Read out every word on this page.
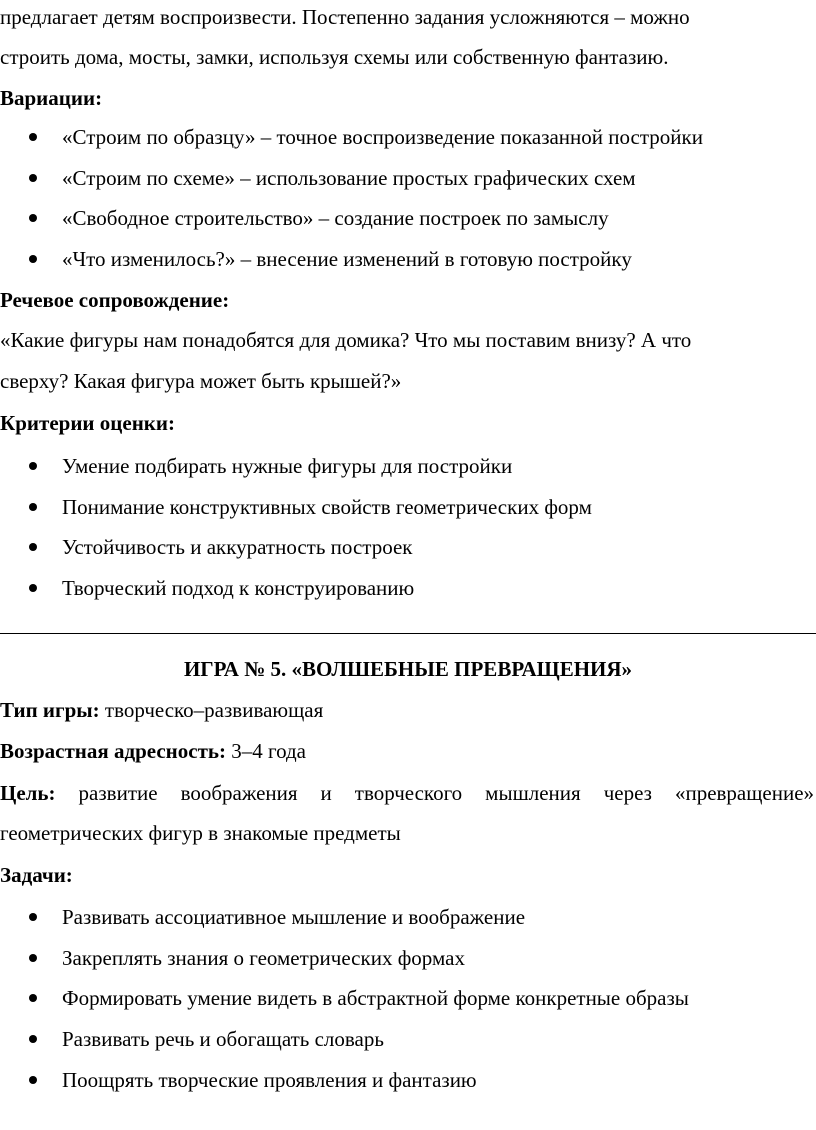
предлагает детям воспроизвести. Постепенно задания усложняются – можно
строить дома, мосты, замки, используя схемы или собственную фантазию.
Вариации:
«Строим по образцу» – точное воспроизведение показанной постройки
«Строим по схеме» – использование простых графических схем
«Свободное строительство» – создание построек по замыслу
«Что изменилось?» – внесение изменений в готовую постройку
Речевое сопровождение:
«Какие фигуры нам понадобятся для домика? Что мы поставим внизу? А что
сверху? Какая фигура может быть крышей?»
Критерии оценки:
Умение подбирать нужные фигуры для постройки
Понимание конструктивных свойств геометрических форм
Устойчивость и аккуратность построек
Творческий подход к конструированию
ИГРА № 5. «ВОЛШЕБНЫЕ ПРЕВРАЩЕНИЯ»
Тип игры: творческо–развивающая
Возрастная адресность: 3–4 года
Цель: развитие воображения и творческого мышления через «превращение»
геометрических фигур в знакомые предметы
Задачи:
Развивать ассоциативное мышление и воображение
Закреплять знания о геометрических формах
Формировать умение видеть в абстрактной форме конкретные образы
Развивать речь и обогащать словарь
Поощрять творческие проявления и фантазию
